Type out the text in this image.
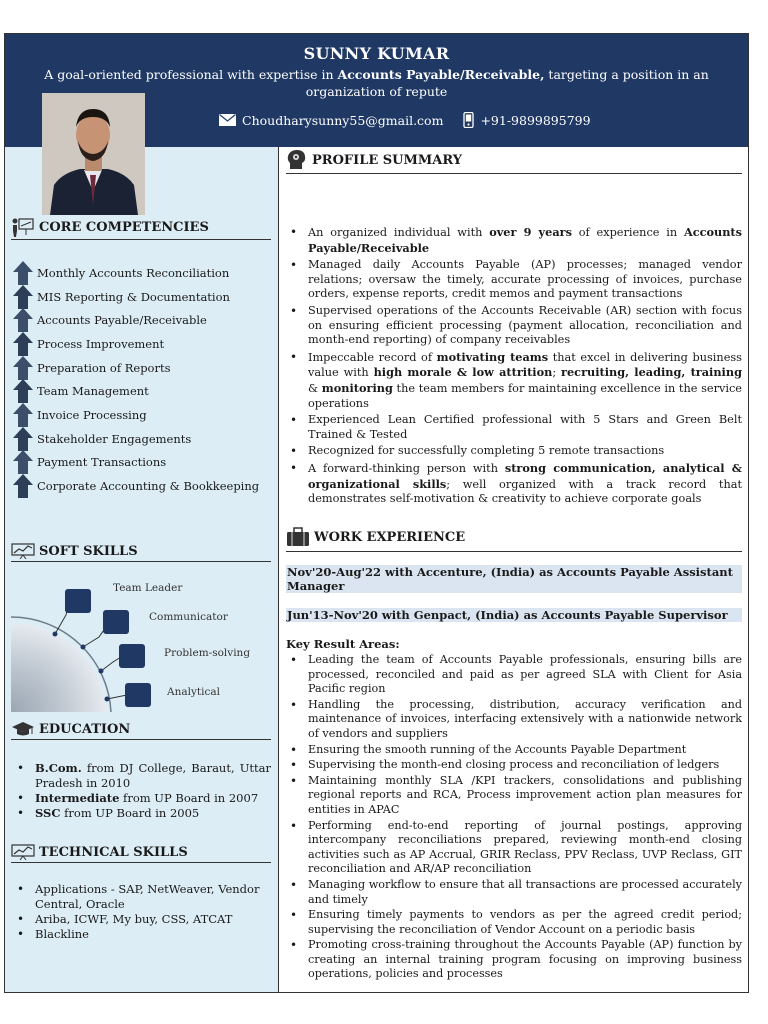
SUNNY KUMAR
A goal-oriented professional with expertise in Accounts Payable/Receivable, targeting a position in an organization of repute
Choudharysunny55@gmail.com	+91-9899895799
CORE COMPETENCIES
Monthly Accounts Reconciliation
MIS Reporting & Documentation
Accounts Payable/Receivable
Process Improvement
Preparation of Reports
Team Management
Invoice Processing
Stakeholder Engagements
Payment Transactions
Corporate Accounting & Bookkeeping
SOFT SKILLS
Team Leader
Communicator
Problem-solving
Analytical
EDUCATION
• B.Com. from DJ College, Baraut, Uttar Pradesh in 2010
• Intermediate from UP Board in 2007
• SSC from UP Board in 2005
TECHNICAL SKILLS
• Applications - SAP, NetWeaver, Vendor Central, Oracle
• Ariba, ICWF, My buy, CSS, ATCAT
• Blackline
PROFILE SUMMARY
• An organized individual with over 9 years of experience in Accounts Payable/Receivable
• Managed daily Accounts Payable (AP) processes; managed vendor relations; oversaw the timely, accurate processing of invoices, purchase orders, expense reports, credit memos and payment transactions
• Supervised operations of the Accounts Receivable (AR) section with focus on ensuring efficient processing (payment allocation, reconciliation and month-end reporting) of company receivables
• Impeccable record of motivating teams that excel in delivering business value with high morale & low attrition; recruiting, leading, training & monitoring the team members for maintaining excellence in the service operations
• Experienced Lean Certified professional with 5 Stars and Green Belt Trained & Tested
• Recognized for successfully completing 5 remote transactions
• A forward-thinking person with strong communication, analytical & organizational skills; well organized with a track record that demonstrates self-motivation & creativity to achieve corporate goals
WORK EXPERIENCE
Nov'20-Aug'22 with Accenture, (India) as Accounts Payable Assistant Manager
Jun'13-Nov'20 with Genpact, (India) as Accounts Payable Supervisor
Key Result Areas:
• Leading the team of Accounts Payable professionals, ensuring bills are processed, reconciled and paid as per agreed SLA with Client for Asia Pacific region
• Handling the processing, distribution, accuracy verification and maintenance of invoices, interfacing extensively with a nationwide network of vendors and suppliers
• Ensuring the smooth running of the Accounts Payable Department
• Supervising the month-end closing process and reconciliation of ledgers
• Maintaining monthly SLA /KPI trackers, consolidations and publishing regional reports and RCA, Process improvement action plan measures for entities in APAC
• Performing end-to-end reporting of journal postings, approving intercompany reconciliations prepared, reviewing month-end closing activities such as AP Accrual, GRIR Reclass, PPV Reclass, UVP Reclass, GIT reconciliation and AR/AP reconciliation
• Managing workflow to ensure that all transactions are processed accurately and timely
• Ensuring timely payments to vendors as per the agreed credit period; supervising the reconciliation of Vendor Account on a periodic basis
• Promoting cross-training throughout the Accounts Payable (AP) function by creating an internal training program focusing on improving business operations, policies and processes
